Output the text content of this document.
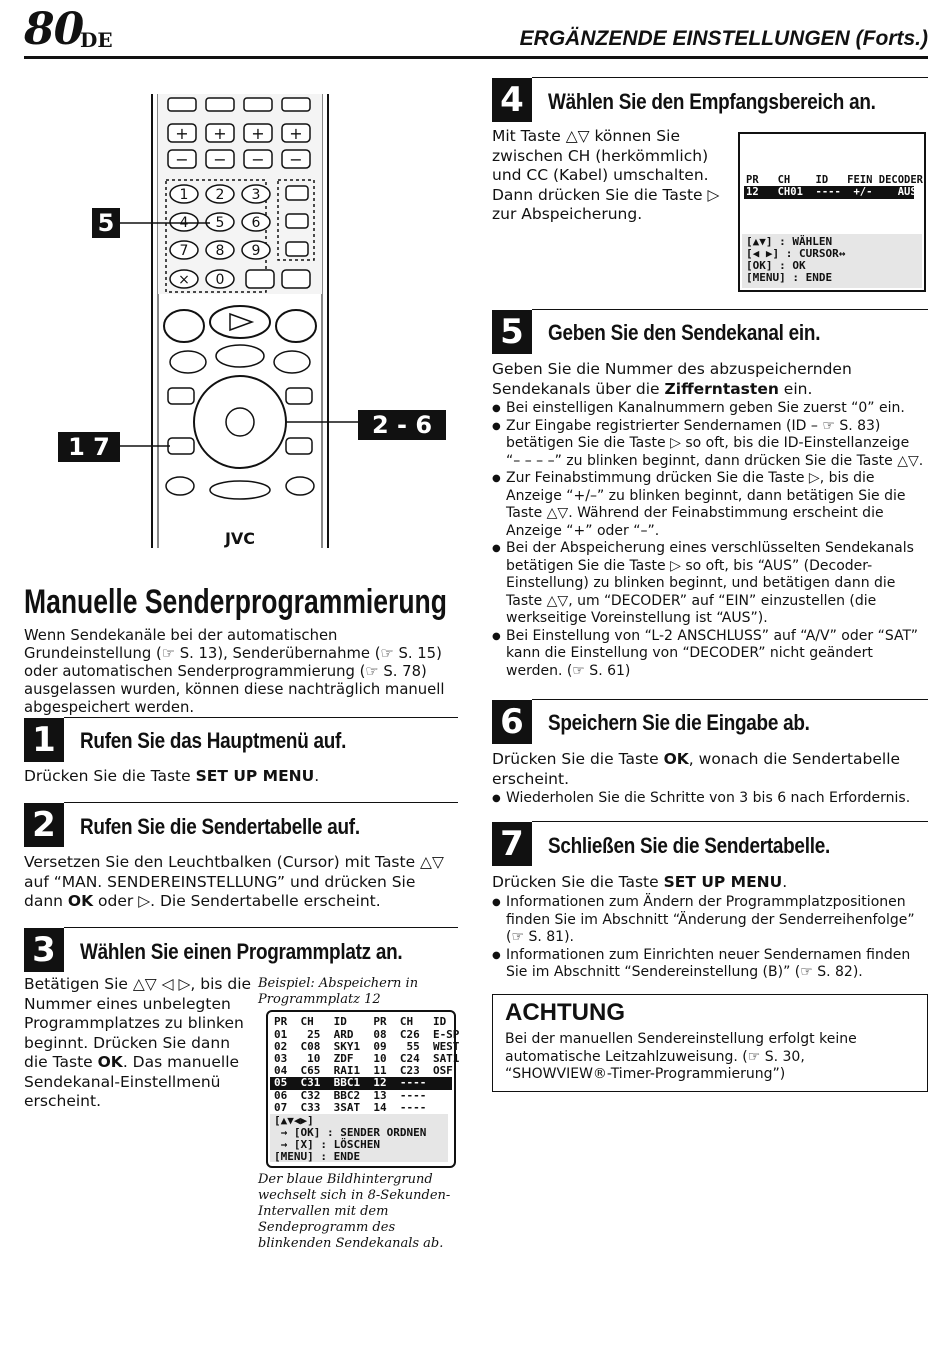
80
DE	ERGÄNZENDE EINSTELLUNGEN (Forts.)
+ + + +
− − − −
1 2 3
4 5 6
7 8 9
× 0
JVC
5
1 7
2 - 6
Manuelle Senderprogrammierung
Wenn Sendekanäle bei der automatischen Grundeinstellung (☞ S. 13), Senderübernahme (☞ S. 15) oder automatischen Senderprogrammierung (☞ S. 78) ausgelassen wurden, können diese nachträglich manuell abgespeichert werden.
1	Rufen Sie das Hauptmenü auf.
Drücken Sie die Taste SET UP MENU.
2	Rufen Sie die Sendertabelle auf.
Versetzen Sie den Leuchtbalken (Cursor) mit Taste △▽ auf “MAN. SENDEREINSTELLUNG” und drücken Sie dann OK oder ▷. Die Sendertabelle erscheint.
3	Wählen Sie einen Programmplatz an.
Betätigen Sie △▽ ◁ ▷, bis die Nummer eines unbelegten Programmplatzes zu blinken beginnt. Drücken Sie dann die Taste OK. Das manuelle Sendekanal-Einstellmenü erscheint.
Beispiel: Abspeichern in Programmplatz 12
PR  CH   ID    PR  CH   ID
01   25  ARD   08  C26  E-SP
02  C08  SKY1  09   55  WEST
03   10  ZDF   10  C24  SAT1
04  C65  RAI1  11  C23  OSF
05  C31  BBC1  12  ----
06  C32  BBC2  13  ----
07  C33  3SAT  14  ----
[▲▼◀▶]
→ [OK] : SENDER ORDNEN
→ [X] : LÖSCHEN
[MENU] : ENDE
Der blaue Bildhintergrund wechselt sich in 8-Sekunden-Intervallen mit dem Sendeprogramm des blinkenden Sendekanals ab.
4	Wählen Sie den Empfangsbereich an.
Mit Taste △▽ können Sie zwischen CH (herkömmlich) und CC (Kabel) umschalten. Dann drücken Sie die Taste ▷ zur Abspeicherung.
PR   CH    ID   FEIN DECODER
12   CH01  ----  +/-    AUS
[▲▼] : WÄHLEN
[◀ ▶] : CURSOR↔
[OK] : OK
[MENU] : ENDE
5	Geben Sie den Sendekanal ein.
Geben Sie die Nummer des abzuspeichernden Sendekanals über die Zifferntasten ein.
● Bei einstelligen Kanalnummern geben Sie zuerst “0” ein.
● Zur Eingabe registrierter Sendernamen (ID – ☞ S. 83) betätigen Sie die Taste ▷ so oft, bis die ID-Einstellanzeige “– – – –” zu blinken beginnt, dann drücken Sie die Taste △▽.
● Zur Feinabstimmung drücken Sie die Taste ▷, bis die Anzeige “+/–” zu blinken beginnt, dann betätigen Sie die Taste △▽. Während der Feinabstimmung erscheint die Anzeige “+” oder “–”.
● Bei der Abspeicherung eines verschlüsselten Sendekanals betätigen Sie die Taste ▷ so oft, bis “AUS” (Decoder-Einstellung) zu blinken beginnt, und betätigen dann die Taste △▽, um “DECODER” auf “EIN” einzustellen (die werkseitige Voreinstellung ist “AUS”).
● Bei Einstellung von “L-2 ANSCHLUSS” auf “A/V” oder “SAT” kann die Einstellung von “DECODER” nicht geändert werden. (☞ S. 61)
6	Speichern Sie die Eingabe ab.
Drücken Sie die Taste OK, wonach die Sendertabelle erscheint.
● Wiederholen Sie die Schritte von 3 bis 6 nach Erfordernis.
7	Schließen Sie die Sendertabelle.
Drücken Sie die Taste SET UP MENU.
● Informationen zum Ändern der Programmplatzpositionen finden Sie im Abschnitt “Änderung der Senderreihenfolge” (☞ S. 81).
● Informationen zum Einrichten neuer Sendernamen finden Sie im Abschnitt “Sendereinstellung (B)” (☞ S. 82).
ACHTUNG
Bei der manuellen Sendereinstellung erfolgt keine automatische Leitzahlzuweisung. (☞ S. 30, “SHOWVIEW®-Timer-Programmierung”)
